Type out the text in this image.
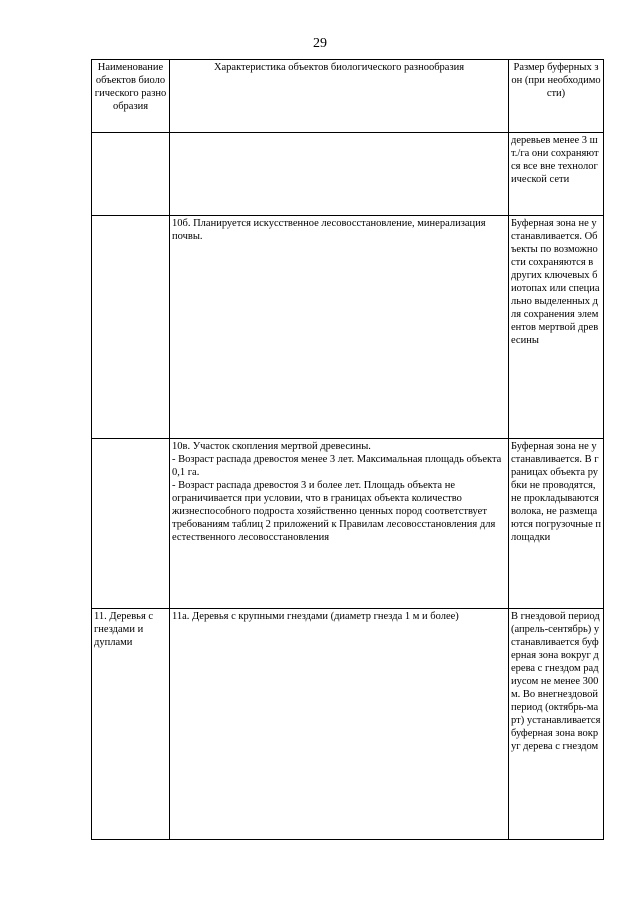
29
Наименование объектов биологического разнообразия	Характеристика объектов биологического разнообразия	Размер буферных зон (при необходимости)
		деревьев менее 3 шт./га они сохраняются все вне технологической сети

	10б. Планируется искусственное лесовосстановление, минерализация почвы.	Буферная зона не устанавливается. Объекты по возможности сохраняются в других ключевых биотопах или специально выделенных для сохранения элементов мертвой древесины

	10в. Участок скопления мертвой древесины.
- Возраст распада древостоя менее 3 лет. Максимальная площадь объекта 0,1 га.
- Возраст распада древостоя 3 и более лет. Площадь объекта не ограничивается при условии, что в границах объекта количество жизнеспособного подроста хозяйственно ценных пород соответствует требованиям таблиц 2 приложений к Правилам лесовосстановления для естественного лесовосстановления	Буферная зона не устанавливается. В границах объекта рубки не проводятся, не прокладываются волока, не размещаются погрузочные площадки
11. Деревья с гнездами и дуплами	11а. Деревья с крупными гнездами (диаметр гнезда 1 м и более)	В гнездовой период (апрель-сентябрь) устанавливается буферная зона вокруг дерева с гнездом радиусом не менее 300 м. Во внегнездовой период (октябрь-март) устанавливается буферная зона вокруг дерева с гнездом
